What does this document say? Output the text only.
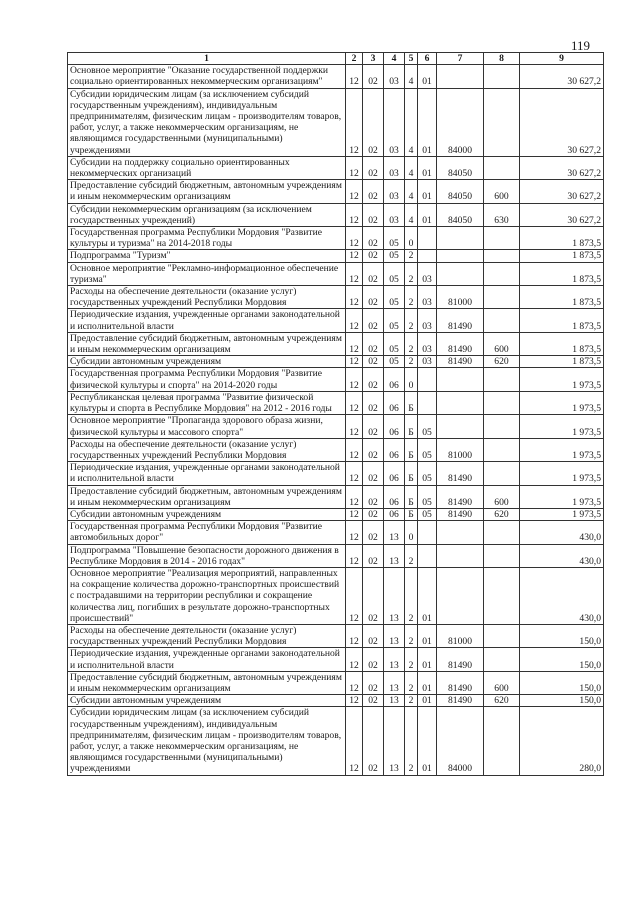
119
1	2	3	4	5	6	7	8	9
Основное мероприятие "Оказание государственной поддержки социально ориентированных некоммерческим организациям"	12	02	03	4	01			30 627,2
Субсидии юридическим лицам (за исключением субсидий государственным учреждениям), индивидуальным предпринимателям, физическим лицам - производителям товаров, работ, услуг, а также некоммерческим организациям, не являющимся государственными (муниципальными) учреждениями	12	02	03	4	01	84000		30 627,2
Субсидии на поддержку социально ориентированных некоммерческих организаций	12	02	03	4	01	84050		30 627,2
Предоставление субсидий бюджетным, автономным учреждениям и иным некоммерческим организациям	12	02	03	4	01	84050	600	30 627,2
Субсидии некоммерческим организациям (за исключением государственных учреждений)	12	02	03	4	01	84050	630	30 627,2
Государственная программа Республики Мордовия "Развитие культуры и туризма" на 2014-2018 годы	12	02	05	0				1 873,5
Подпрограмма "Туризм"	12	02	05	2				1 873,5
Основное мероприятие "Рекламно-информационное обеспечение туризма"	12	02	05	2	03			1 873,5
Расходы на обеспечение деятельности (оказание услуг) государственных учреждений Республики Мордовия	12	02	05	2	03	81000		1 873,5
Периодические издания, учрежденные органами законодательной и исполнительной власти	12	02	05	2	03	81490		1 873,5
Предоставление субсидий бюджетным, автономным учреждениям и иным некоммерческим организациям	12	02	05	2	03	81490	600	1 873,5
Субсидии автономным учреждениям	12	02	05	2	03	81490	620	1 873,5
Государственная программа Республики Мордовия "Развитие физической культуры и спорта" на 2014-2020 годы	12	02	06	0				1 973,5
Республиканская целевая программа "Развитие физической культуры и спорта в Республике Мордовия" на 2012 - 2016 годы	12	02	06	Б				1 973,5
Основное мероприятие "Пропаганда здорового образа жизни, физической культуры и массового спорта"	12	02	06	Б	05			1 973,5
Расходы на обеспечение деятельности (оказание услуг) государственных учреждений Республики Мордовия	12	02	06	Б	05	81000		1 973,5
Периодические издания, учрежденные органами законодательной и исполнительной власти	12	02	06	Б	05	81490		1 973,5
Предоставление субсидий бюджетным, автономным учреждениям и иным некоммерческим организациям	12	02	06	Б	05	81490	600	1 973,5
Субсидии автономным учреждениям	12	02	06	Б	05	81490	620	1 973,5
Государственная программа Республики Мордовия "Развитие автомобильных дорог"	12	02	13	0				430,0
Подпрограмма "Повышение безопасности дорожного движения в Республике Мордовия в 2014 - 2016 годах"	12	02	13	2				430,0
Основное мероприятие "Реализация мероприятий, направленных на сокращение количества дорожно-транспортных происшествий с пострадавшими на территории республики и сокращение количества лиц, погибших в результате дорожно-транспортных происшествий"	12	02	13	2	01			430,0
Расходы на обеспечение деятельности (оказание услуг) государственных учреждений Республики Мордовия	12	02	13	2	01	81000		150,0
Периодические издания, учрежденные органами законодательной и исполнительной власти	12	02	13	2	01	81490		150,0
Предоставление субсидий бюджетным, автономным учреждениям и иным некоммерческим организациям	12	02	13	2	01	81490	600	150,0
Субсидии автономным учреждениям	12	02	13	2	01	81490	620	150,0
Субсидии юридическим лицам (за исключением субсидий государственным учреждениям), индивидуальным предпринимателям, физическим лицам - производителям товаров, работ, услуг, а также некоммерческим организациям, не являющимся государственными (муниципальными) учреждениями	12	02	13	2	01	84000		280,0
